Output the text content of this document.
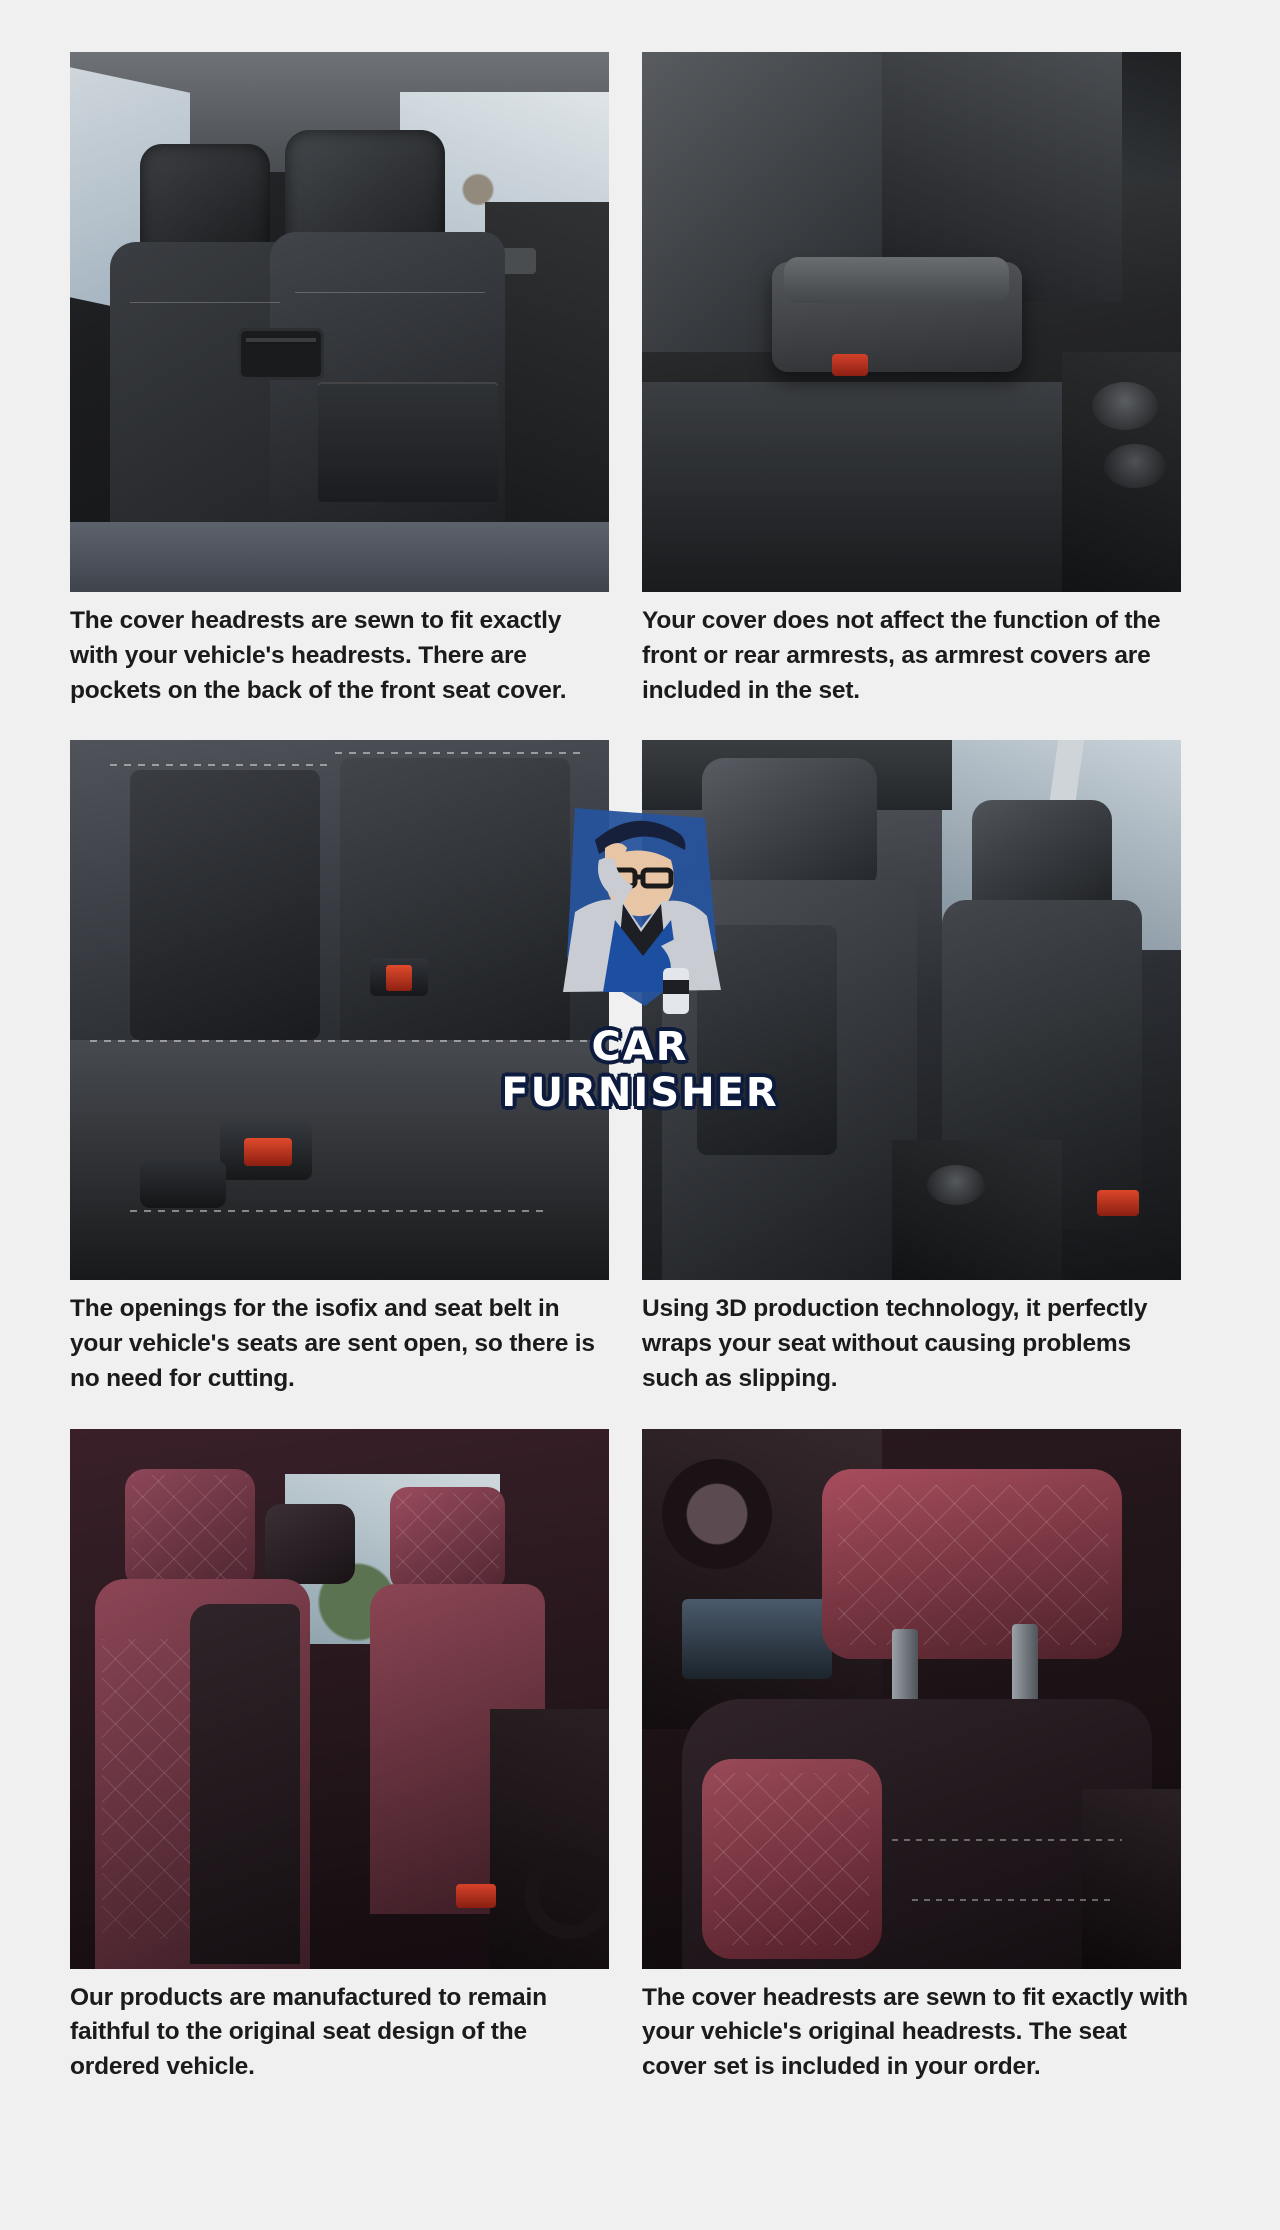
The cover headrests are sewn to fit exactly with your vehicle's headrests. There are pockets on the back of the front seat cover.
Your cover does not affect the function of the front or rear armrests, as armrest covers are included in the set.
The openings for the isofix and seat belt in your vehicle's seats are sent open, so there is no need for cutting.
Using 3D production technology, it perfectly wraps your seat without causing problems such as slipping.
Our products are manufactured to remain faithful to the original seat design of the ordered vehicle.
The cover headrests are sewn to fit exactly with your vehicle's original headrests. The seat cover set is included in your order.
CAR FURNISHER
